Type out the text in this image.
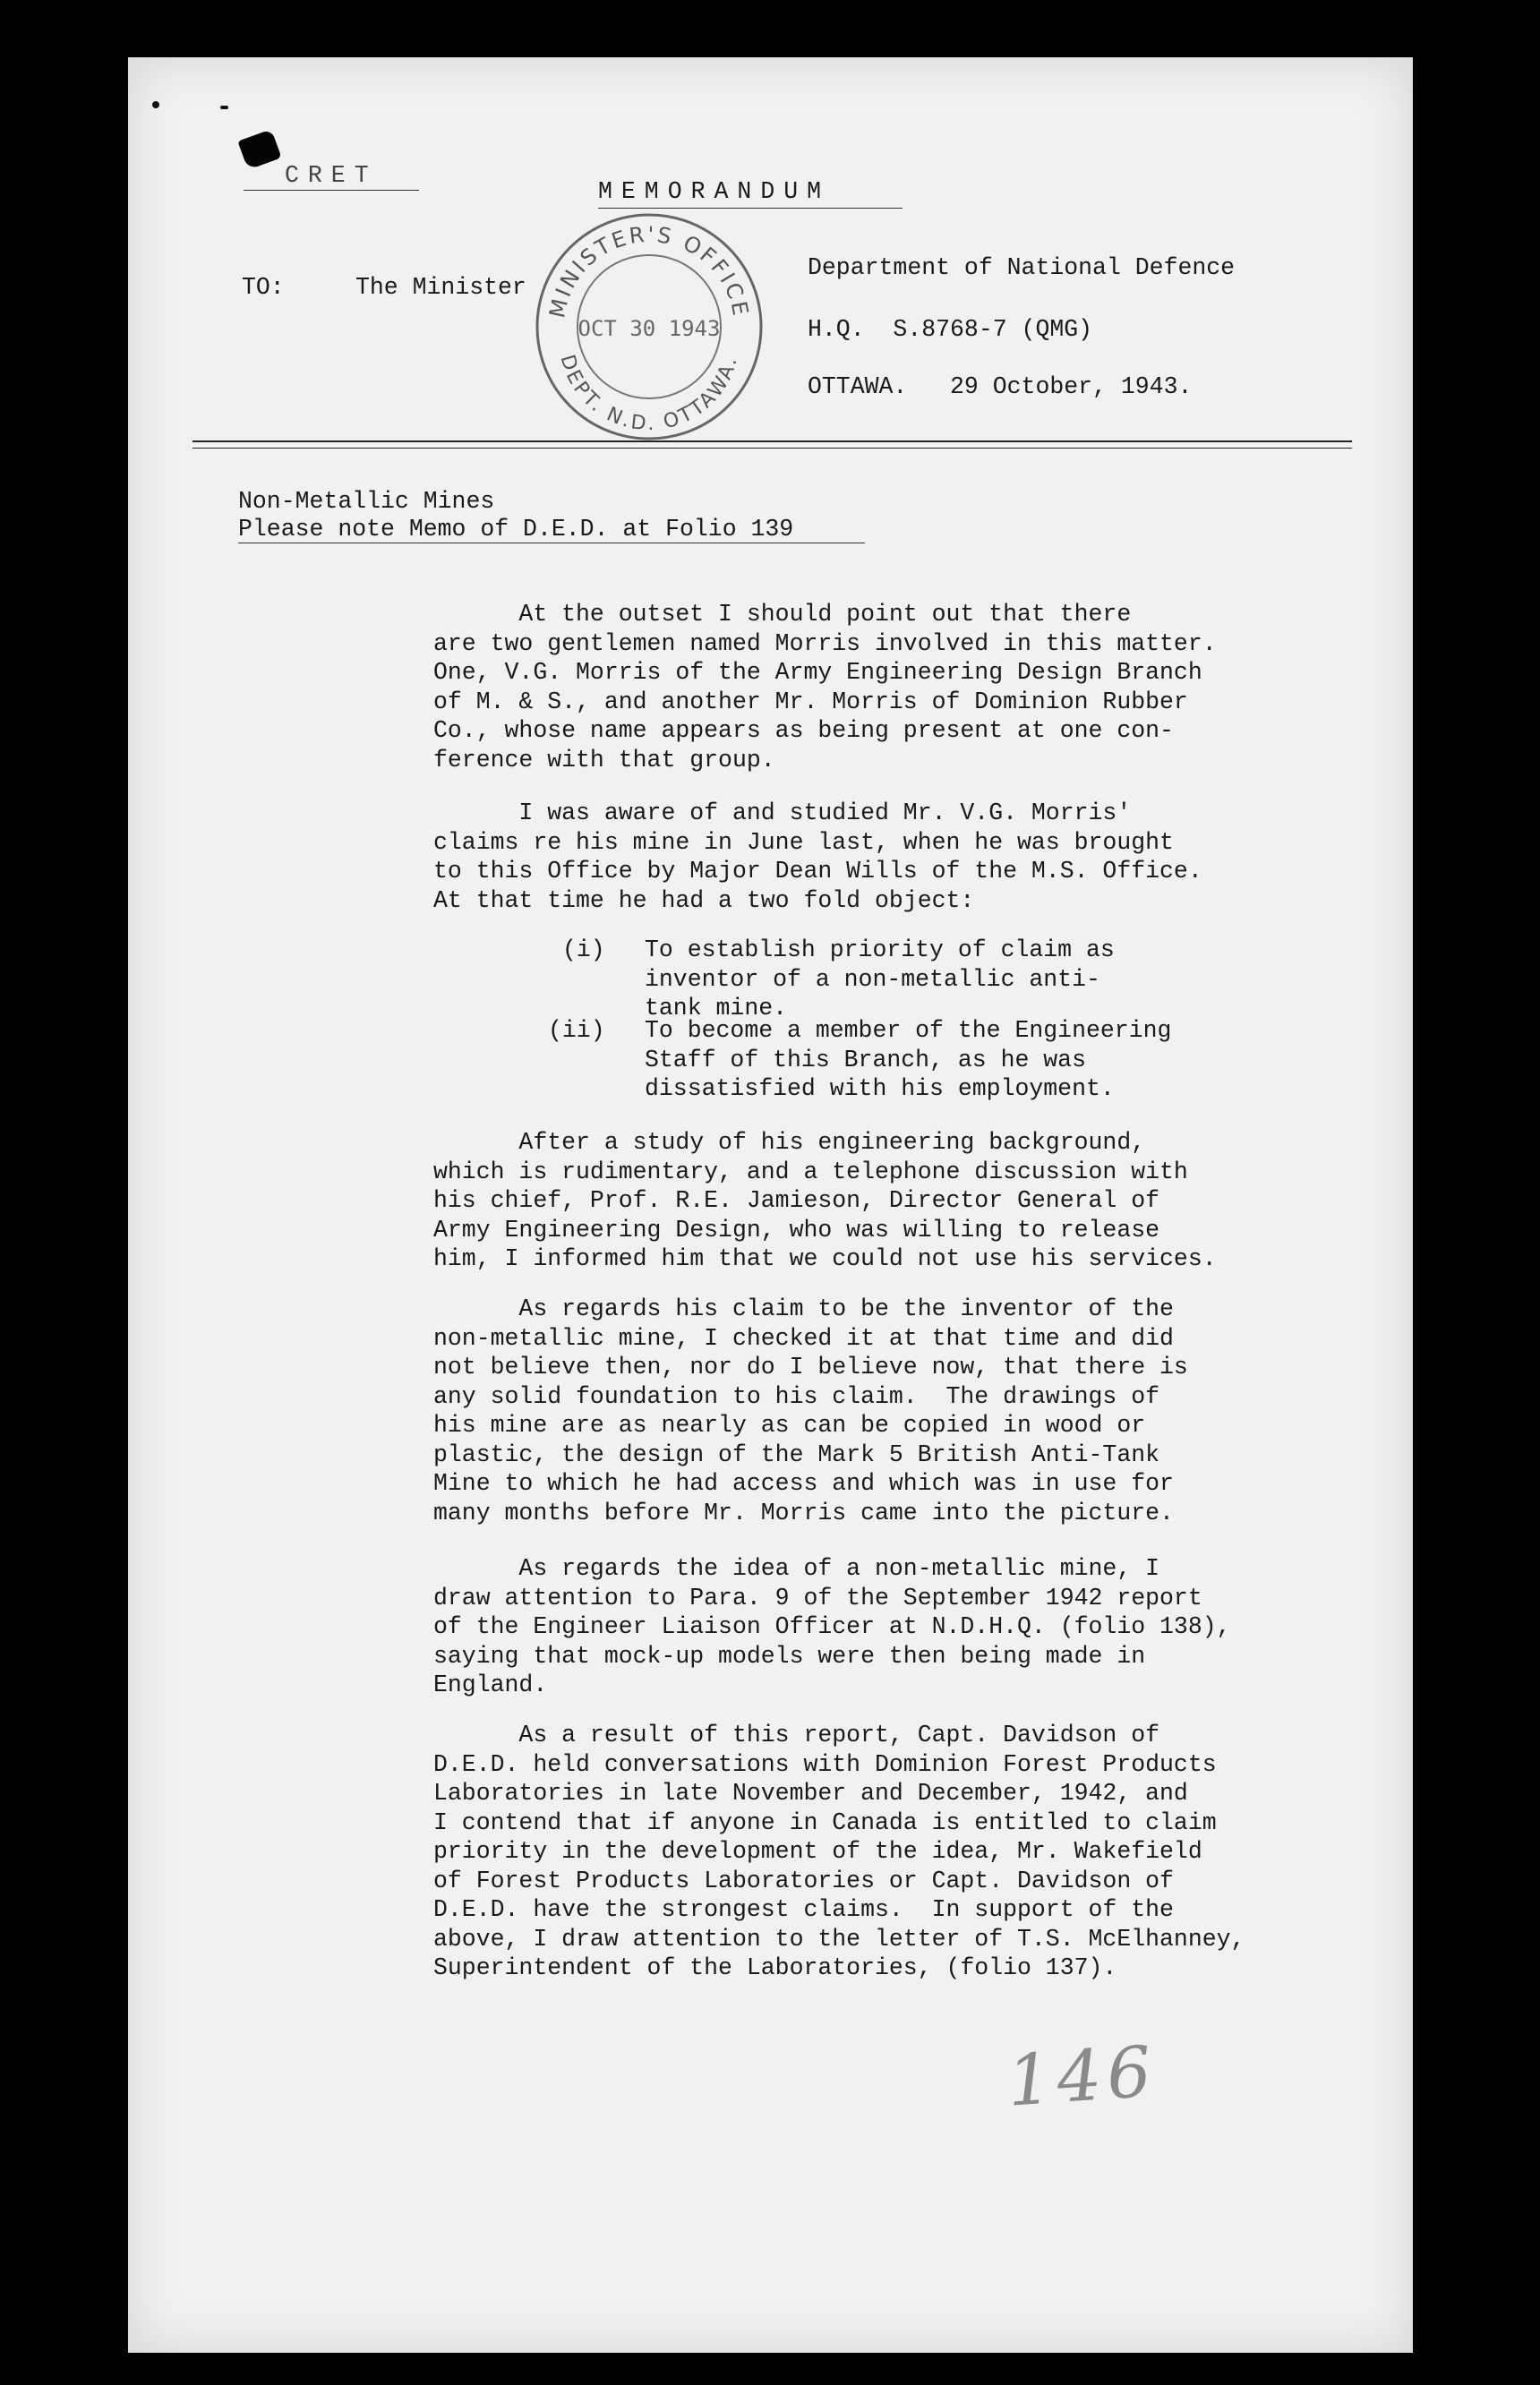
CRET
MEMORANDUM
TO:	The Minister
Department of National Defence
H.Q.  S.8768-7 (QMG)
OTTAWA.   29 October, 1943.
MINISTER'S OFFICE
DEPT. N.D. OTTAWA.
OCT 30 1943
Non-Metallic Mines
Please note Memo of D.E.D. at Folio 139
At the outset I should point out that there
are two gentlemen named Morris involved in this matter.
One, V.G. Morris of the Army Engineering Design Branch
of M. & S., and another Mr. Morris of Dominion Rubber
Co., whose name appears as being present at one con-
ference with that group.
I was aware of and studied Mr. V.G. Morris'
claims re his mine in June last, when he was brought
to this Office by Major Dean Wills of the M.S. Office.
At that time he had a two fold object:
(i) To establish priority of claim as
inventor of a non-metallic anti-
tank mine.
(ii) To become a member of the Engineering
Staff of this Branch, as he was
dissatisfied with his employment.
After a study of his engineering background,
which is rudimentary, and a telephone discussion with
his chief, Prof. R.E. Jamieson, Director General of
Army Engineering Design, who was willing to release
him, I informed him that we could not use his services.
As regards his claim to be the inventor of the
non-metallic mine, I checked it at that time and did
not believe then, nor do I believe now, that there is
any solid foundation to his claim.  The drawings of
his mine are as nearly as can be copied in wood or
plastic, the design of the Mark 5 British Anti-Tank
Mine to which he had access and which was in use for
many months before Mr. Morris came into the picture.
As regards the idea of a non-metallic mine, I
draw attention to Para. 9 of the September 1942 report
of the Engineer Liaison Officer at N.D.H.Q. (folio 138),
saying that mock-up models were then being made in
England.
As a result of this report, Capt. Davidson of
D.E.D. held conversations with Dominion Forest Products
Laboratories in late November and December, 1942, and
I contend that if anyone in Canada is entitled to claim
priority in the development of the idea, Mr. Wakefield
of Forest Products Laboratories or Capt. Davidson of
D.E.D. have the strongest claims.  In support of the
above, I draw attention to the letter of T.S. McElhanney,
Superintendent of the Laboratories, (folio 137).
146
